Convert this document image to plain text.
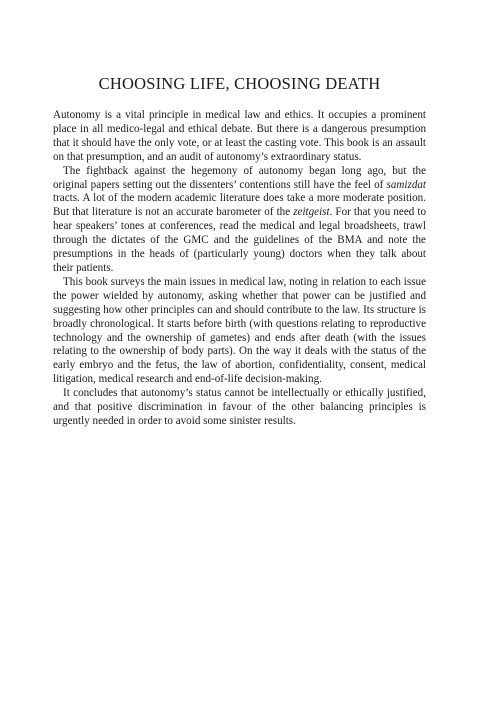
CHOOSING LIFE, CHOOSING DEATH

Autonomy is a vital principle in medical law and ethics. It occupies a prominent place in all medico-legal and ethical debate. But there is a dangerous presumption that it should have the only vote, or at least the casting vote. This book is an assault on that presumption, and an audit of autonomy’s extraordinary status.

The fightback against the hegemony of autonomy began long ago, but the original papers setting out the dissenters’ contentions still have the feel of samizdat tracts. A lot of the modern academic literature does take a more moderate position. But that literature is not an accurate barometer of the zeitgeist. For that you need to hear speakers’ tones at conferences, read the medical and legal broadsheets, trawl through the dictates of the GMC and the guidelines of the BMA and note the presumptions in the heads of (particularly young) doctors when they talk about their patients.

This book surveys the main issues in medical law, noting in relation to each issue the power wielded by autonomy, asking whether that power can be justified and suggesting how other principles can and should contribute to the law. Its structure is broadly chronological. It starts before birth (with questions relating to reproductive technology and the ownership of gametes) and ends after death (with the issues relating to the ownership of body parts). On the way it deals with the status of the early embryo and the fetus, the law of abortion, confidentiality, consent, medical litigation, medical research and end-of-life decision-making.

It concludes that autonomy’s status cannot be intellectually or ethically justified, and that positive discrimination in favour of the other balancing principles is urgently needed in order to avoid some sinister results.
